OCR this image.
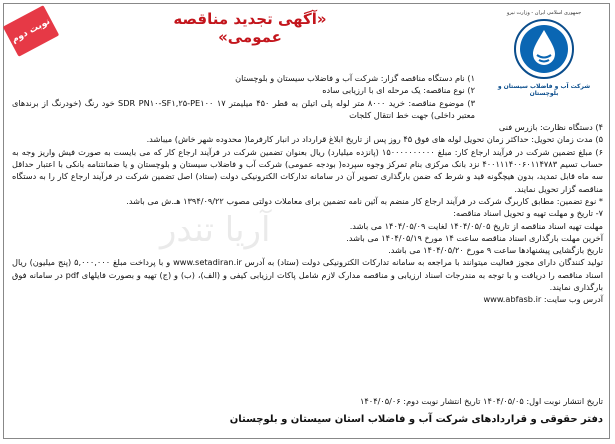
نوبت دوم	«آگهی تجدید مناقصه عمومی»
جمهوری اسلامی ایران - وزارت نیرو
شرکت آب و فاضلاب سیستان و بلوچستان

۱) نام دستگاه مناقصه گزار: شرکت آب و فاضلاب سیستان و بلوچستان

۲) نوع مناقصه: یک مرحله ای با ارزیابی ساده

۳) موضوع مناقصه: خرید ۸۰۰۰ متر لوله پلی اتیلن به قطر ۴۵۰ میلیمتر ۱۷ SDR PN۱۰-SF۱,۲۵-PE۱۰۰ خود رنگ (خودرنگ از برندهای معتبر داخلی) جهت خط انتقال کلجات

۴) دستگاه نظارت: بازرس فنی

۵) مدت زمان تحویل: حداکثر زمان تحویل لوله های فوق ۴۵ روز پس از تاریخ ابلاغ قرارداد در انبار کارفرما( محدوده شهر خاش) میباشد.

۶) مبلغ تضمین شرکت در فرآیند ارجاع کار: مبلغ ۱۵۰۰۰۰۰۰۰۰۰۰ (پانزده میلیارد) ریال بعنوان تضمین شرکت در فرآیند ارجاع کار که می بایست به صورت فیش واریز وجه به حساب تسیم ۴۰۰۱۱۱۴۰۰۶۰۱۱۴۷۸۳ نزد بانک مرکزی بنام تمرکز وجوه سپرده( بودجه عمومی) شرکت آب و فاضلاب سیستان و بلوچستان و یا ضمانتنامه بانکی با اعتبار حداقل سه ماه قابل تمدید، بدون هیچگونه قید و شرط که ضمن بارگذاری تصویر آن در سامانه تدارکات الکترونیکی دولت (ستاد) اصل تضمین شرکت در فرآیند ارجاع کار را به دستگاه مناقصه گزار تحویل نمایند.

* نوع تضمین: مطابق کاربرگ شرکت در فرآیند ارجاع کار منضم به آئین نامه تضمین برای معاملات دولتی مصوب ۱۳۹۴/۰۹/۲۲ هـ.ش می باشد.

۷- تاریخ و مهلت تهیه و تحویل اسناد مناقصه:

مهلت تهیه اسناد مناقصه از تاریخ ۱۴۰۴/۰۵/۰۵ لغایت ۱۴۰۴/۰۵/۰۹ می باشد.

آخرین مهلت بارگذاری اسناد مناقصه ساعت ۱۴ مورخ ۱۴۰۴/۰۵/۱۹ می باشد.

تاریخ بازگشایی پیشنهادها ساعت ۹ مورخ ۱۴۰۴/۰۵/۲۰ می باشد.

تولید کنندگان دارای مجوز فعالیت میتوانند با مراجعه به سامانه تدارکات الکترونیکی دولت (ستاد) به آدرس www.setadiran.ir و با پرداخت مبلغ ۵,۰۰۰,۰۰۰ (پنج میلیون) ریال اسناد مناقصه را دریافت و با توجه به مندرجات اسناد ارزیابی و مناقصه مدارک لازم شامل پاکات ارزیابی کیفی و (الف)، (ب) و (ج) تهیه و بصورت فایلهای pdf در سامانه فوق بارگذاری نمایند.

آدرس وب سایت: www.abfasb.ir

آریا تندر
تاریخ انتشار نوبت اول: ۱۴۰۴/۰۵/۰۵ تاریخ انتشار نوبت دوم: ۱۴۰۴/۰۵/۰۶
دفتر حقوقی و قراردادهای شرکت آب و فاضلاب استان سیستان و بلوچستان
